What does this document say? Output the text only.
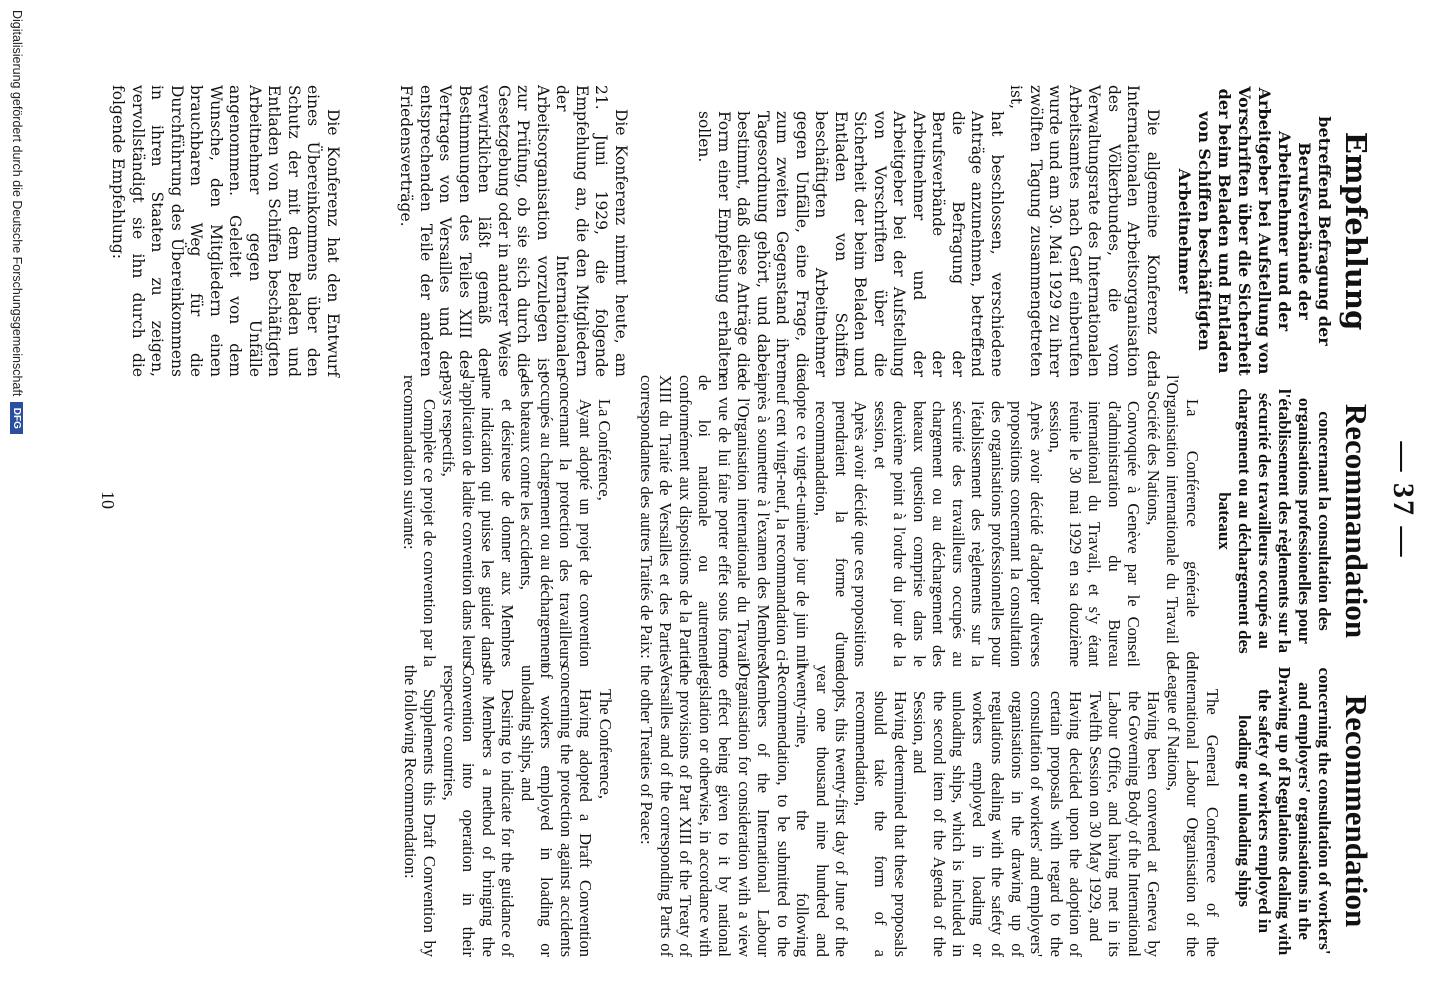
— 37 —
Empfehlung

betreffend Befragung der Berufsverbände der Arbeitnehmer und der Arbeitgeber bei Aufstellung von Vorschriften über die Sicherheit der beim Beladen und Entladen von Schiffen beschäftigten Arbeitnehmer

Die allgemeine Konferenz der Internationalen Arbeitsorganisation des Völkerbundes, die vom Verwaltungsrate des Internationalen Arbeitsamtes nach Genf einberufen wurde und am 30. Mai 1929 zu ihrer zwölften Tagung zusammengetreten ist,

hat beschlossen, verschiedene Anträge anzunehmen, betreffend die Befragung der Berufsverbände der Arbeitnehmer und der Arbeitgeber bei der Aufstellung von Vorschriften über die Sicherheit der beim Beladen und Entladen von Schiffen beschäftigten Arbeitnehmer gegen Unfälle, eine Frage, die zum zweiten Gegenstand ihrer Tagesordnung gehört, und dabei bestimmt, daß diese Anträge die Form einer Empfehlung erhalten sollen.

Die Konferenz nimmt heute, am 21. Juni 1929, die folgende Empfehlung an, die den Mitgliedern der Internationalen Arbeitsorganisation vorzulegen ist zur Prüfung, ob sie sich durch die Gesetzgebung oder in anderer Weise verwirklichen läßt gemäß den Bestimmungen des Teiles XIII des Vertrages von Versailles und der entsprechenden Teile der anderen Friedensverträge.

Die Konferenz hat den Entwurf eines Übereinkommens über den Schutz der mit dem Beladen und Entladen von Schiffen beschäftigten Arbeitnehmer gegen Unfälle angenommen. Geleitet von dem Wunsche, den Mitgliedern einen brauchbaren Weg für die Durchführung des Übereinkommens in ihren Staaten zu zeigen, vervollständigt sie ihn durch die folgende Empfehlung:

Recommandation

concernant la consultation des organisations professionelles pour l'établissement des règlements sur la sécurité des travailleurs occupés au chargement ou au déchargement des bateaux

La Conférence générale de l'Organisation internationale du Travail de la Société des Nations,

Convoquée à Genève par le Conseil d'administration du Bureau international du Travail, et s'y étant réunie le 30 mai 1929 en sa douzième session,

Après avoir décidé d'adopter diverses propositions concernant la consultation des organisations professionnelles pour l'établissement des règlements sur la sécurité des travailleurs occupés au chargement ou au déchargement des bateaux question comprise dans le deuxième point à l'ordre du jour de la session, et

Après avoir décidé que ces propositions prendraient la forme d'une recommandation,

adopte ce vingt-et-unième jour de juin mil neuf cent vingt-neuf, la recommandation ci-après à soumettre à l'examen des Membres de l'Organisation internationale du Travail en vue de lui faire porter effet sous forme de loi nationale ou autrement conformément aux dispositions de la Partie XIII du Traité de Versailles et des Parties correspondantes des autres Traités de Paix:

La Conférence,

Ayant adopté un projet de convention concernant la protection des travailleurs occupés au chargement ou au déchargement des bateaux contre les accidents,

et désireuse de donner aux Membres une indication qui puisse les guider dans l'application de ladite convention dans leurs pays respectifs,

Complète ce projet de convention par la recommandation suivante:

Recommendation

concerning the consultation of workers' and employers' organisations in the Drawing up of Regulations dealing with the safety of workers employed in loading or unloading ships

The General Conference of the International Labour Organisation of the League of Nations,

Having been convened at Geneva by the Governing Body of the International Labour Office, and having met in its Twelfth Session on 30 May 1929, and

Having decided upon the adoption of certain proposals with regard to the consultation of workers' and employers' organisations in the drawing up of regulations dealing with the safety of workers employed in loading or unloading ships, which is included in the second item of the Agenda of the Session, and

Having determined that these proposals should take the form of a recommendation,

adopts, this twenty-first day of June of the year one thousand nine hundred and twenty-nine, the following Recommendation, to be submitted to the Members of the International Labour Organisation for consideration with a view to effect being given to it by national legislation or otherwise, in accordance with the provisions of Part XIII of the Treaty of Versailles and of the corresponding Parts of the other Treaties of Peace:

The Conference,

Having adopted a Draft Convention concerning the protection against accidents of workers employed in loading or unloading ships, and

Desiring to indicate for the guidance of the Members a method of bringing the Convention into operation in their respective countries,

Supplements this Draft Convention by the following Recommendation:

10
Digitalisierung gefördert durch die Deutsche Forschungsgemeinschaft
DFG
